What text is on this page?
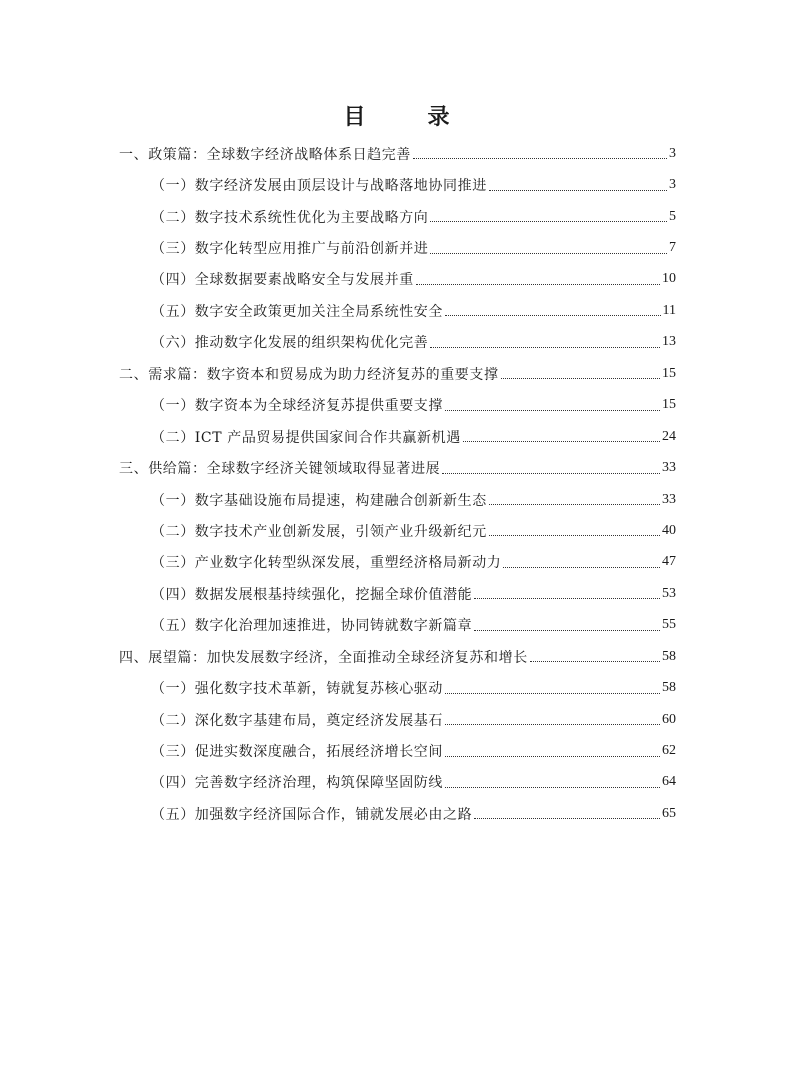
目　录
一、政策篇：全球数字经济战略体系日趋完善	3
（一）数字经济发展由顶层设计与战略落地协同推进	3
（二）数字技术系统性优化为主要战略方向	5
（三）数字化转型应用推广与前沿创新并进	7
（四）全球数据要素战略安全与发展并重	10
（五）数字安全政策更加关注全局系统性安全	11
（六）推动数字化发展的组织架构优化完善	13
二、需求篇：数字资本和贸易成为助力经济复苏的重要支撑	15
（一）数字资本为全球经济复苏提供重要支撑	15
（二）ICT 产品贸易提供国家间合作共赢新机遇	24
三、供给篇：全球数字经济关键领域取得显著进展	33
（一）数字基础设施布局提速，构建融合创新新生态	33
（二）数字技术产业创新发展，引领产业升级新纪元	40
（三）产业数字化转型纵深发展，重塑经济格局新动力	47
（四）数据发展根基持续强化，挖掘全球价值潜能	53
（五）数字化治理加速推进，协同铸就数字新篇章	55
四、展望篇：加快发展数字经济，全面推动全球经济复苏和增长	58
（一）强化数字技术革新，铸就复苏核心驱动	58
（二）深化数字基建布局，奠定经济发展基石	60
（三）促进实数深度融合，拓展经济增长空间	62
（四）完善数字经济治理，构筑保障坚固防线	64
（五）加强数字经济国际合作，铺就发展必由之路	65
